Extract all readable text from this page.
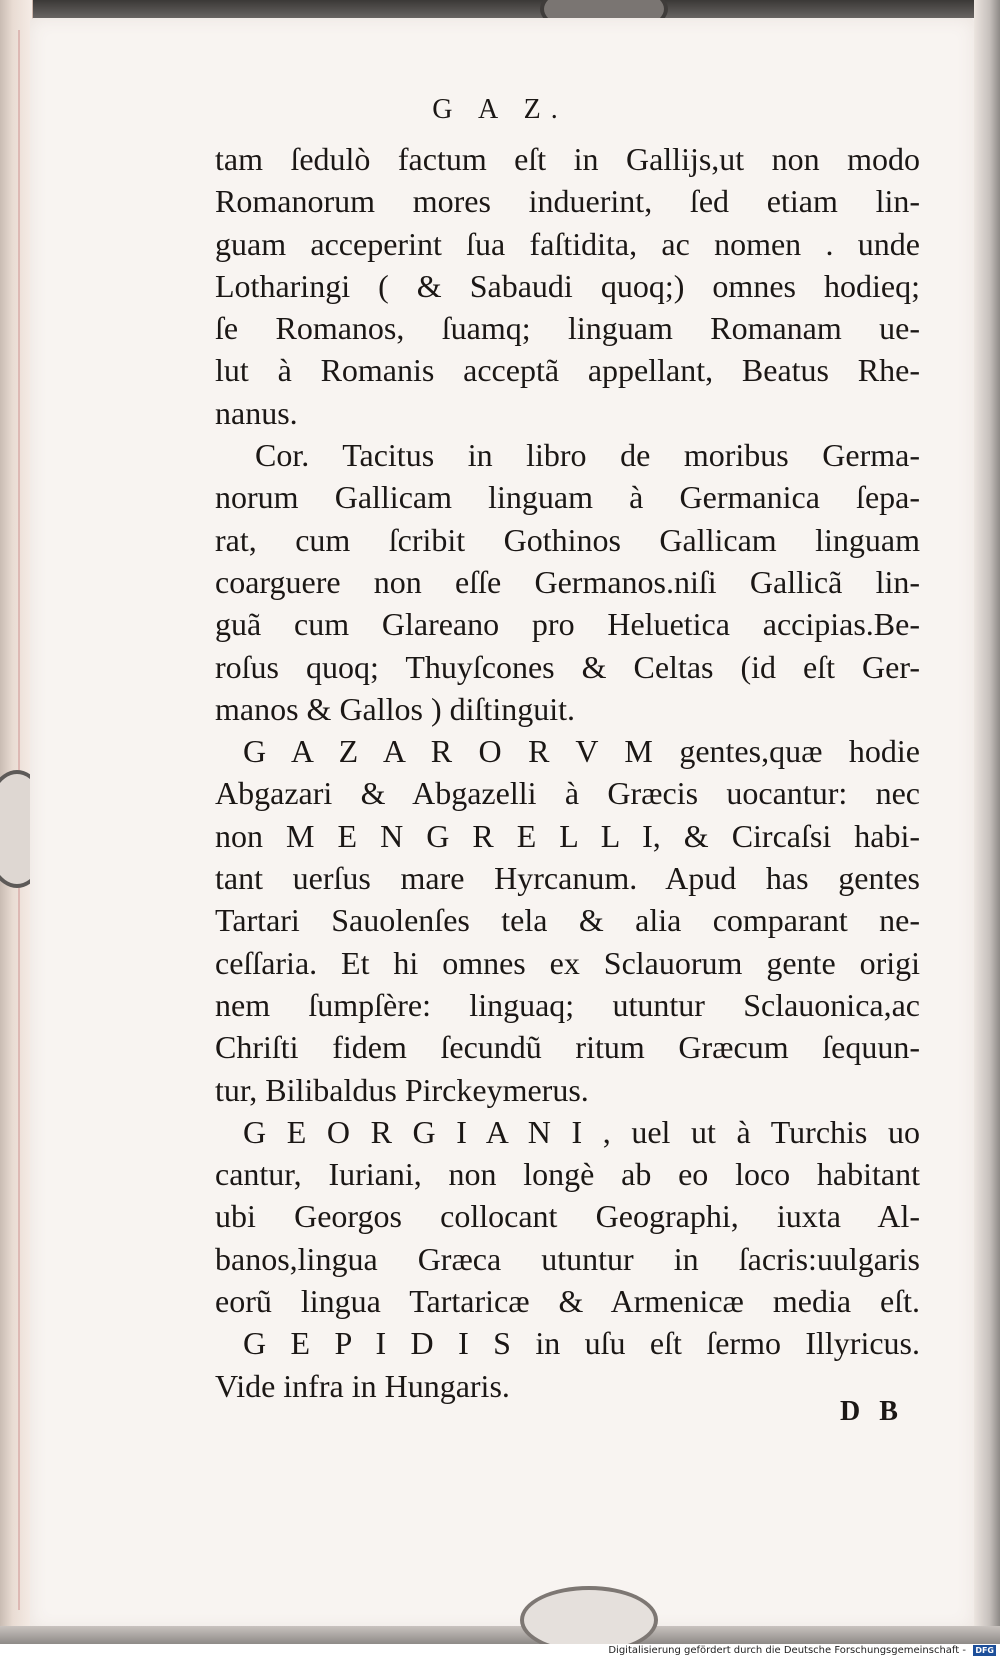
G A Z.
tam ſedulò factum eſt in Gallijs,ut non modo
Romanorum mores induerint, ſed etiam lin-
guam acceperint ſua faſtidita, ac nomen . unde
Lotharingi ( & Sabaudi quoq;) omnes hodieq;
ſe Romanos, ſuamq; linguam Romanam ue-
lut à Romanis acceptã appellant, Beatus Rhe-
nanus.
Cor. Tacitus in libro de moribus Germa-
norum Gallicam linguam à Germanica ſepa-
rat, cum ſcribit Gothinos Gallicam linguam
coarguere non eſſe Germanos.niſi Gallicã lin-
guã cum Glareano pro Heluetica accipias.Be-
roſus quoq; Thuyſcones & Celtas (id eſt Ger-
manos & Gallos ) diſtinguit.
G A Z A R O R V M gentes,quæ hodie
Abgazari & Abgazelli à Græcis uocantur: nec
non M E N G R E L L I, & Circaſsi habi-
tant uerſus mare Hyrcanum. Apud has gentes
Tartari Sauolenſes tela & alia comparant ne-
ceſſaria. Et hi omnes ex Sclauorum gente origi
nem ſumpſère: linguaq; utuntur Sclauonica,ac
Chriſti fidem ſecundũ ritum Græcum ſequun-
tur, Bilibaldus Pirckeymerus.
G E O R G I A N I , uel ut à Turchis uo
cantur, Iuriani, non longè ab eo loco habitant
ubi Georgos collocant Geographi, iuxta Al-
banos,lingua Græca utuntur in ſacris:uulgaris
eorũ lingua Tartaricæ & Armenicæ media eſt.
G E P I D I S in uſu eſt ſermo Illyricus.
Vide infra in Hungaris.
D B
Digitalisierung gefördert durch die Deutsche Forschungsgemeinschaft - DFG
